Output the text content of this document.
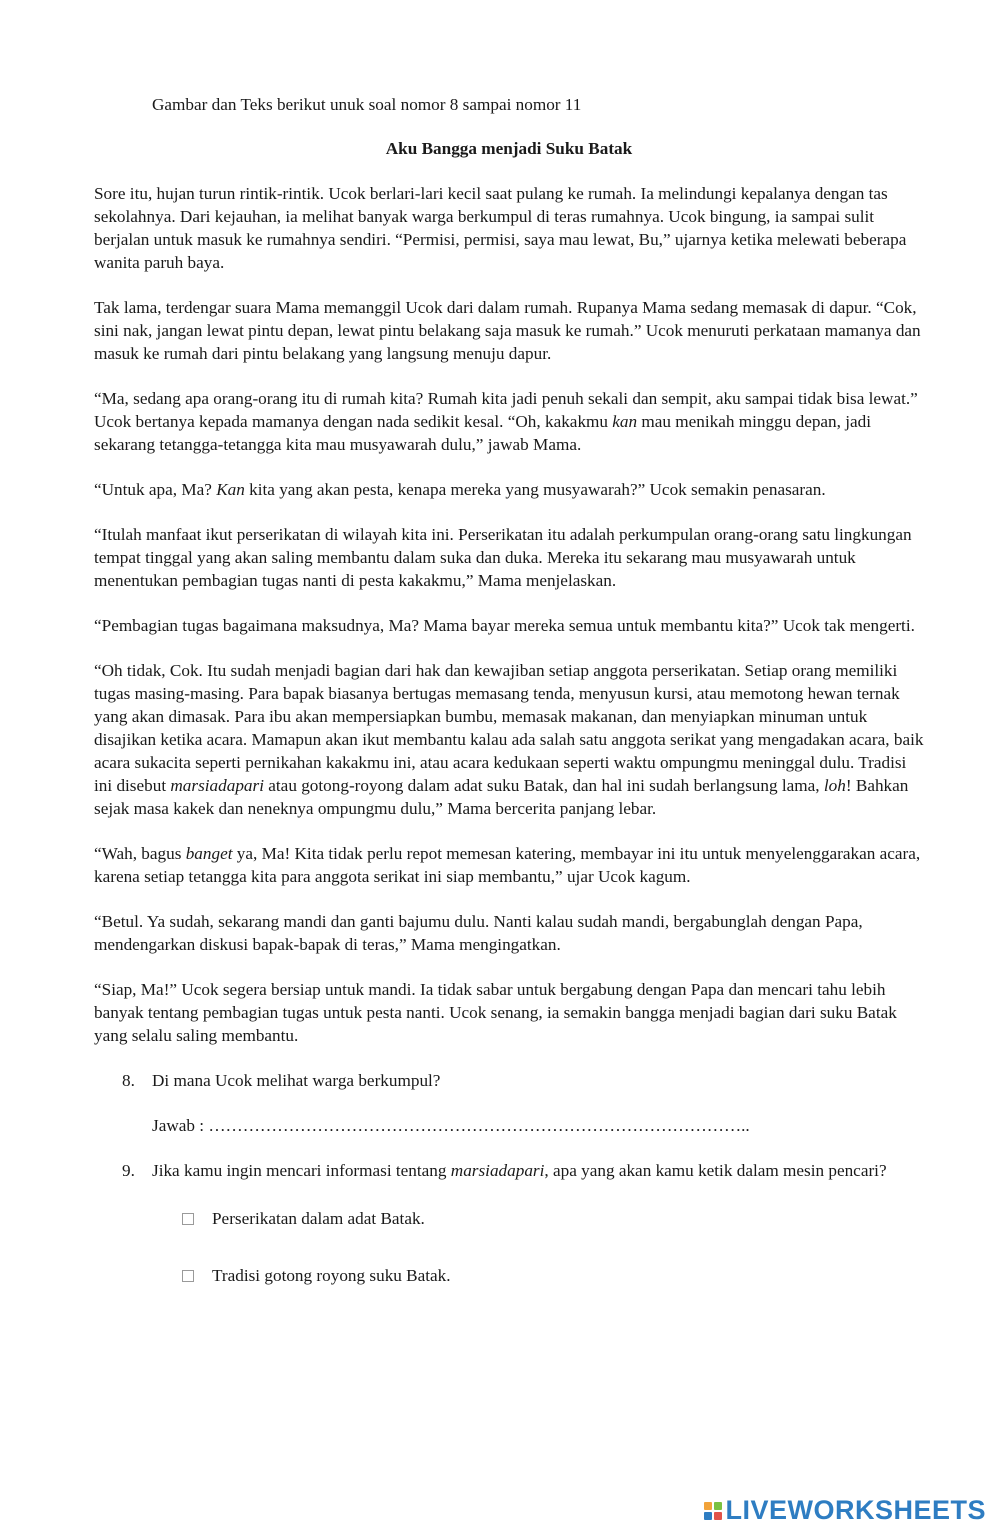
Gambar dan Teks berikut unuk soal nomor 8 sampai nomor 11
Aku Bangga menjadi Suku Batak

Sore itu, hujan turun rintik-rintik. Ucok berlari-lari kecil saat pulang ke rumah. Ia melindungi kepalanya dengan tas sekolahnya. Dari kejauhan, ia melihat banyak warga berkumpul di teras rumahnya. Ucok bingung, ia sampai sulit berjalan untuk masuk ke rumahnya sendiri. “Permisi, permisi, saya mau lewat, Bu,” ujarnya ketika melewati beberapa wanita paruh baya.

Tak lama, terdengar suara Mama memanggil Ucok dari dalam rumah. Rupanya Mama sedang memasak di dapur. “Cok, sini nak, jangan lewat pintu depan, lewat pintu belakang saja masuk ke rumah.” Ucok menuruti perkataan mamanya dan masuk ke rumah dari pintu belakang yang langsung menuju dapur.

“Ma, sedang apa orang-orang itu di rumah kita? Rumah kita jadi penuh sekali dan sempit, aku sampai tidak bisa lewat.” Ucok bertanya kepada mamanya dengan nada sedikit kesal. “Oh, kakakmu kan mau menikah minggu depan, jadi sekarang tetangga-tetangga kita mau musyawarah dulu,” jawab Mama.

“Untuk apa, Ma? Kan kita yang akan pesta, kenapa mereka yang musyawarah?” Ucok semakin penasaran.

“Itulah manfaat ikut perserikatan di wilayah kita ini. Perserikatan itu adalah perkumpulan orang-orang satu lingkungan tempat tinggal yang akan saling membantu dalam suka dan duka. Mereka itu sekarang mau musyawarah untuk menentukan pembagian tugas nanti di pesta kakakmu,” Mama menjelaskan.

“Pembagian tugas bagaimana maksudnya, Ma? Mama bayar mereka semua untuk membantu kita?” Ucok tak mengerti.

“Oh tidak, Cok. Itu sudah menjadi bagian dari hak dan kewajiban setiap anggota perserikatan. Setiap orang memiliki tugas masing-masing. Para bapak biasanya bertugas memasang tenda, menyusun kursi, atau memotong hewan ternak yang akan dimasak. Para ibu akan mempersiapkan bumbu, memasak makanan, dan menyiapkan minuman untuk disajikan ketika acara. Mamapun akan ikut membantu kalau ada salah satu anggota serikat yang mengadakan acara, baik acara sukacita seperti pernikahan kakakmu ini, atau acara kedukaan seperti waktu ompungmu meninggal dulu. Tradisi ini disebut marsiadapari atau gotong-royong dalam adat suku Batak, dan hal ini sudah berlangsung lama, loh! Bahkan sejak masa kakek dan neneknya ompungmu dulu,” Mama bercerita panjang lebar.

“Wah, bagus banget ya, Ma! Kita tidak perlu repot memesan katering, membayar ini itu untuk menyelenggarakan acara, karena setiap tetangga kita para anggota serikat ini siap membantu,” ujar Ucok kagum.

“Betul. Ya sudah, sekarang mandi dan ganti bajumu dulu. Nanti kalau sudah mandi, bergabunglah dengan Papa, mendengarkan diskusi bapak-bapak di teras,” Mama mengingatkan.

“Siap, Ma!” Ucok segera bersiap untuk mandi. Ia tidak sabar untuk bergabung dengan Papa dan mencari tahu lebih banyak tentang pembagian tugas untuk pesta nanti. Ucok senang, ia semakin bangga menjadi bagian dari suku Batak yang selalu saling membantu.

8. Di mana Ucok melihat warga berkumpul?
Jawab : …………………………………………………………………………………..
9. Jika kamu ingin mencari informasi tentang marsiadapari, apa yang akan kamu ketik dalam mesin pencari?
Perserikatan dalam adat Batak.
Tradisi gotong royong suku Batak.
LIVEWORKSHEETS
